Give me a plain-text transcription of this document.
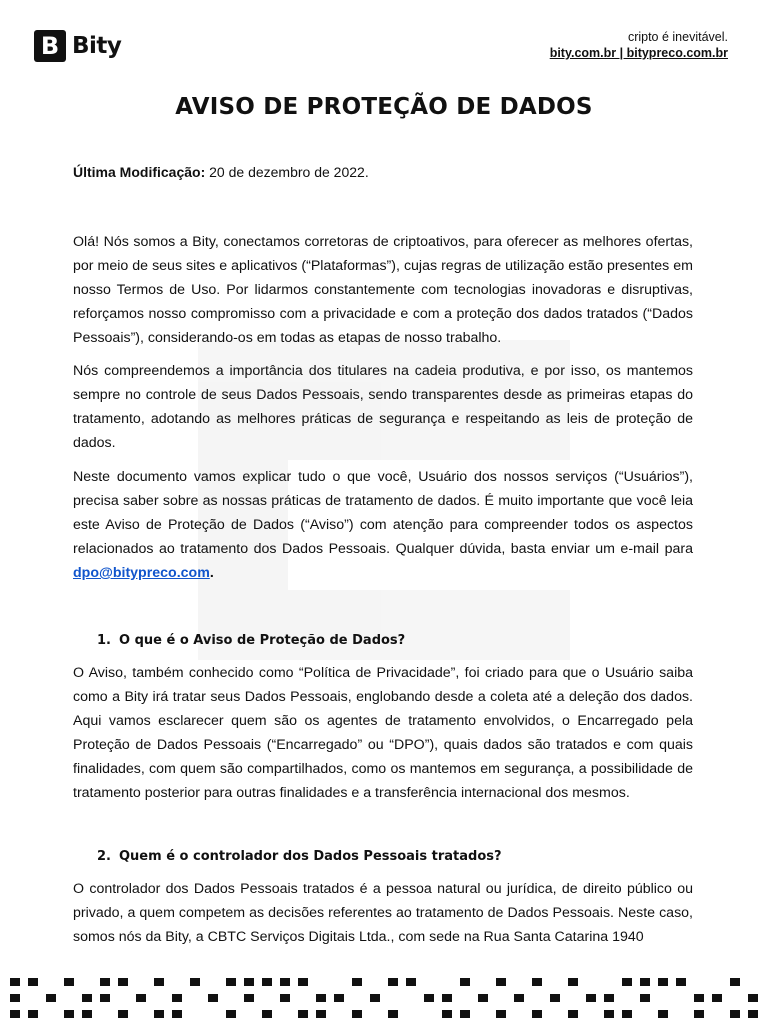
B Bity	cripto é inevitável.
bity.com.br | bitypreco.com.br
AVISO DE PROTEÇÃO DE DADOS
Última Modificação: 20 de dezembro de 2022.

Olá! Nós somos a Bity, conectamos corretoras de criptoativos, para oferecer as melhores ofertas, por meio de seus sites e aplicativos (“Plataformas”), cujas regras de utilização estão presentes em nosso Termos de Uso. Por lidarmos constantemente com tecnologias inovadoras e disruptivas, reforçamos nosso compromisso com a privacidade e com a proteção dos dados tratados (“Dados Pessoais”), considerando-os em todas as etapas de nosso trabalho.

Nós compreendemos a importância dos titulares na cadeia produtiva, e por isso, os mantemos sempre no controle de seus Dados Pessoais, sendo transparentes desde as primeiras etapas do tratamento, adotando as melhores práticas de segurança e respeitando as leis de proteção de dados.

Neste documento vamos explicar tudo o que você, Usuário dos nossos serviços (“Usuários”), precisa saber sobre as nossas práticas de tratamento de dados. É muito importante que você leia este Aviso de Proteção de Dados (“Aviso”) com atenção para compreender todos os aspectos relacionados ao tratamento dos Dados Pessoais. Qualquer dúvida, basta enviar um e-mail para dpo@bitypreco.com.

1. O que é o Aviso de Proteção de Dados?

O Aviso, também conhecido como “Política de Privacidade”, foi criado para que o Usuário saiba como a Bity irá tratar seus Dados Pessoais, englobando desde a coleta até a deleção dos dados. Aqui vamos esclarecer quem são os agentes de tratamento envolvidos, o Encarregado pela Proteção de Dados Pessoais (“Encarregado” ou “DPO”), quais dados são tratados e com quais finalidades, com quem são compartilhados, como os mantemos em segurança, a possibilidade de tratamento posterior para outras finalidades e a transferência internacional dos mesmos.

2. Quem é o controlador dos Dados Pessoais tratados?

O controlador dos Dados Pessoais tratados é a pessoa natural ou jurídica, de direito público ou privado, a quem competem as decisões referentes ao tratamento de Dados Pessoais. Neste caso, somos nós da Bity, a CBTC Serviços Digitais Ltda., com sede na Rua Santa Catarina 1940
